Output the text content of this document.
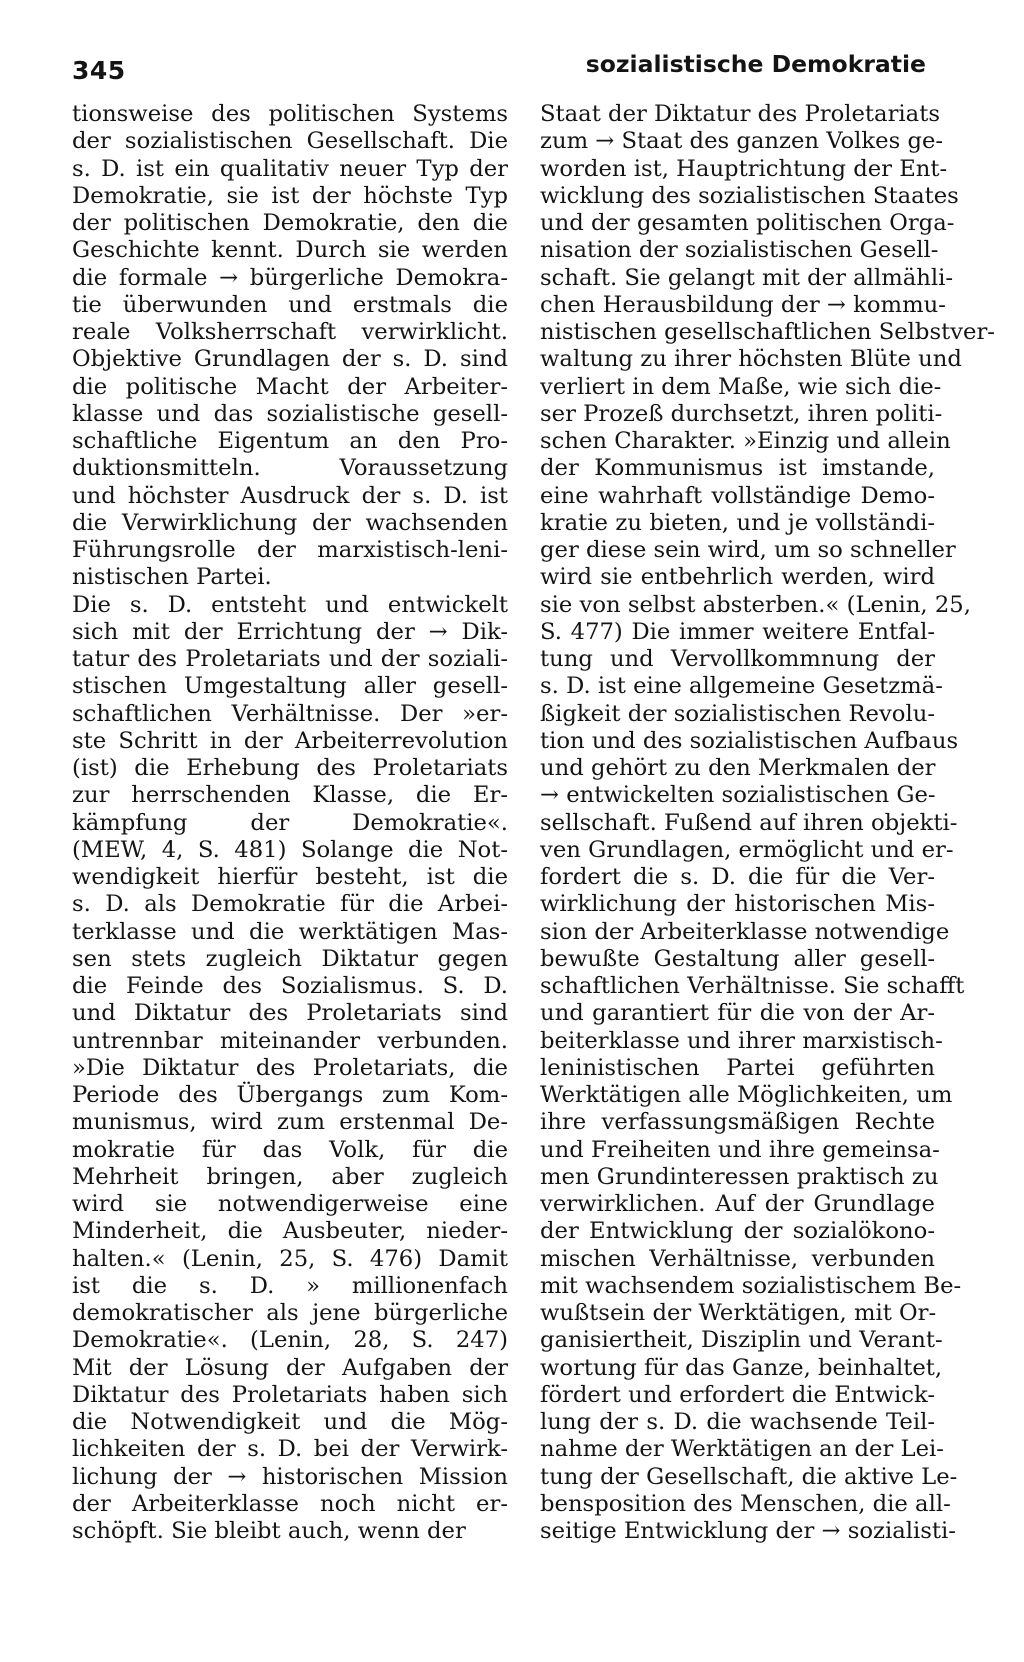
345	sozialistische Demokratie
tionsweise des politischen Systems
der sozialistischen Gesellschaft. Die
s. D. ist ein qualitativ neuer Typ der
Demokratie, sie ist der höchste Typ
der politischen Demokratie, den die
Geschichte kennt. Durch sie werden
die formale → bürgerliche Demokra-
tie überwunden und erstmals die
reale Volksherrschaft verwirklicht.
Objektive Grundlagen der s. D. sind
die politische Macht der Arbeiter-
klasse und das sozialistische gesell-
schaftliche Eigentum an den Pro-
duktionsmitteln. Voraussetzung
und höchster Ausdruck der s. D. ist
die Verwirklichung der wachsenden
Führungsrolle der marxistisch-leni-
nistischen Partei.
Die s. D. entsteht und entwickelt
sich mit der Errichtung der → Dik-
tatur des Proletariats und der soziali-
stischen Umgestaltung aller gesell-
schaftlichen Verhältnisse. Der »er-
ste Schritt in der Arbeiterrevolution
(ist) die Erhebung des Proletariats
zur herrschenden Klasse, die Er-
kämpfung der Demokratie«.
(MEW, 4, S. 481) Solange die Not-
wendigkeit hierfür besteht, ist die
s. D. als Demokratie für die Arbei-
terklasse und die werktätigen Mas-
sen stets zugleich Diktatur gegen
die Feinde des Sozialismus. S. D.
und Diktatur des Proletariats sind
untrennbar miteinander verbunden.
»Die Diktatur des Proletariats, die
Periode des Übergangs zum Kom-
munismus, wird zum erstenmal De-
mokratie für das Volk, für die
Mehrheit bringen, aber zugleich
wird sie notwendigerweise eine
Minderheit, die Ausbeuter, nieder-
halten.« (Lenin, 25, S. 476) Damit
ist die s. D. » millionenfach
demokratischer als jene bürgerliche
Demokratie«. (Lenin, 28, S. 247)
Mit der Lösung der Aufgaben der
Diktatur des Proletariats haben sich
die Notwendigkeit und die Mög-
lichkeiten der s. D. bei der Verwirk-
lichung der → historischen Mission
der Arbeiterklasse noch nicht er-
schöpft. Sie bleibt auch, wenn der
Staat der Diktatur des Proletariats
zum → Staat des ganzen Volkes ge-
worden ist, Hauptrichtung der Ent-
wicklung des sozialistischen Staates
und der gesamten politischen Orga-
nisation der sozialistischen Gesell-
schaft. Sie gelangt mit der allmähli-
chen Herausbildung der → kommu-
nistischen gesellschaftlichen Selbstver-
waltung zu ihrer höchsten Blüte und
verliert in dem Maße, wie sich die-
ser Prozeß durchsetzt, ihren politi-
schen Charakter. »Einzig und allein
der Kommunismus ist imstande,
eine wahrhaft vollständige Demo-
kratie zu bieten, und je vollständi-
ger diese sein wird, um so schneller
wird sie entbehrlich werden, wird
sie von selbst absterben.« (Lenin, 25,
S. 477) Die immer weitere Entfal-
tung und Vervollkommnung der
s. D. ist eine allgemeine Gesetzmä-
ßigkeit der sozialistischen Revolu-
tion und des sozialistischen Aufbaus
und gehört zu den Merkmalen der
→ entwickelten sozialistischen Ge-
sellschaft. Fußend auf ihren objekti-
ven Grundlagen, ermöglicht und er-
fordert die s. D. die für die Ver-
wirklichung der historischen Mis-
sion der Arbeiterklasse notwendige
bewußte Gestaltung aller gesell-
schaftlichen Verhältnisse. Sie schafft
und garantiert für die von der Ar-
beiterklasse und ihrer marxistisch-
leninistischen Partei geführten
Werktätigen alle Möglichkeiten, um
ihre verfassungsmäßigen Rechte
und Freiheiten und ihre gemeinsa-
men Grundinteressen praktisch zu
verwirklichen. Auf der Grundlage
der Entwicklung der sozialökono-
mischen Verhältnisse, verbunden
mit wachsendem sozialistischem Be-
wußtsein der Werktätigen, mit Or-
ganisiertheit, Disziplin und Verant-
wortung für das Ganze, beinhaltet,
fördert und erfordert die Entwick-
lung der s. D. die wachsende Teil-
nahme der Werktätigen an der Lei-
tung der Gesellschaft, die aktive Le-
bensposition des Menschen, die all-
seitige Entwicklung der → sozialisti-
